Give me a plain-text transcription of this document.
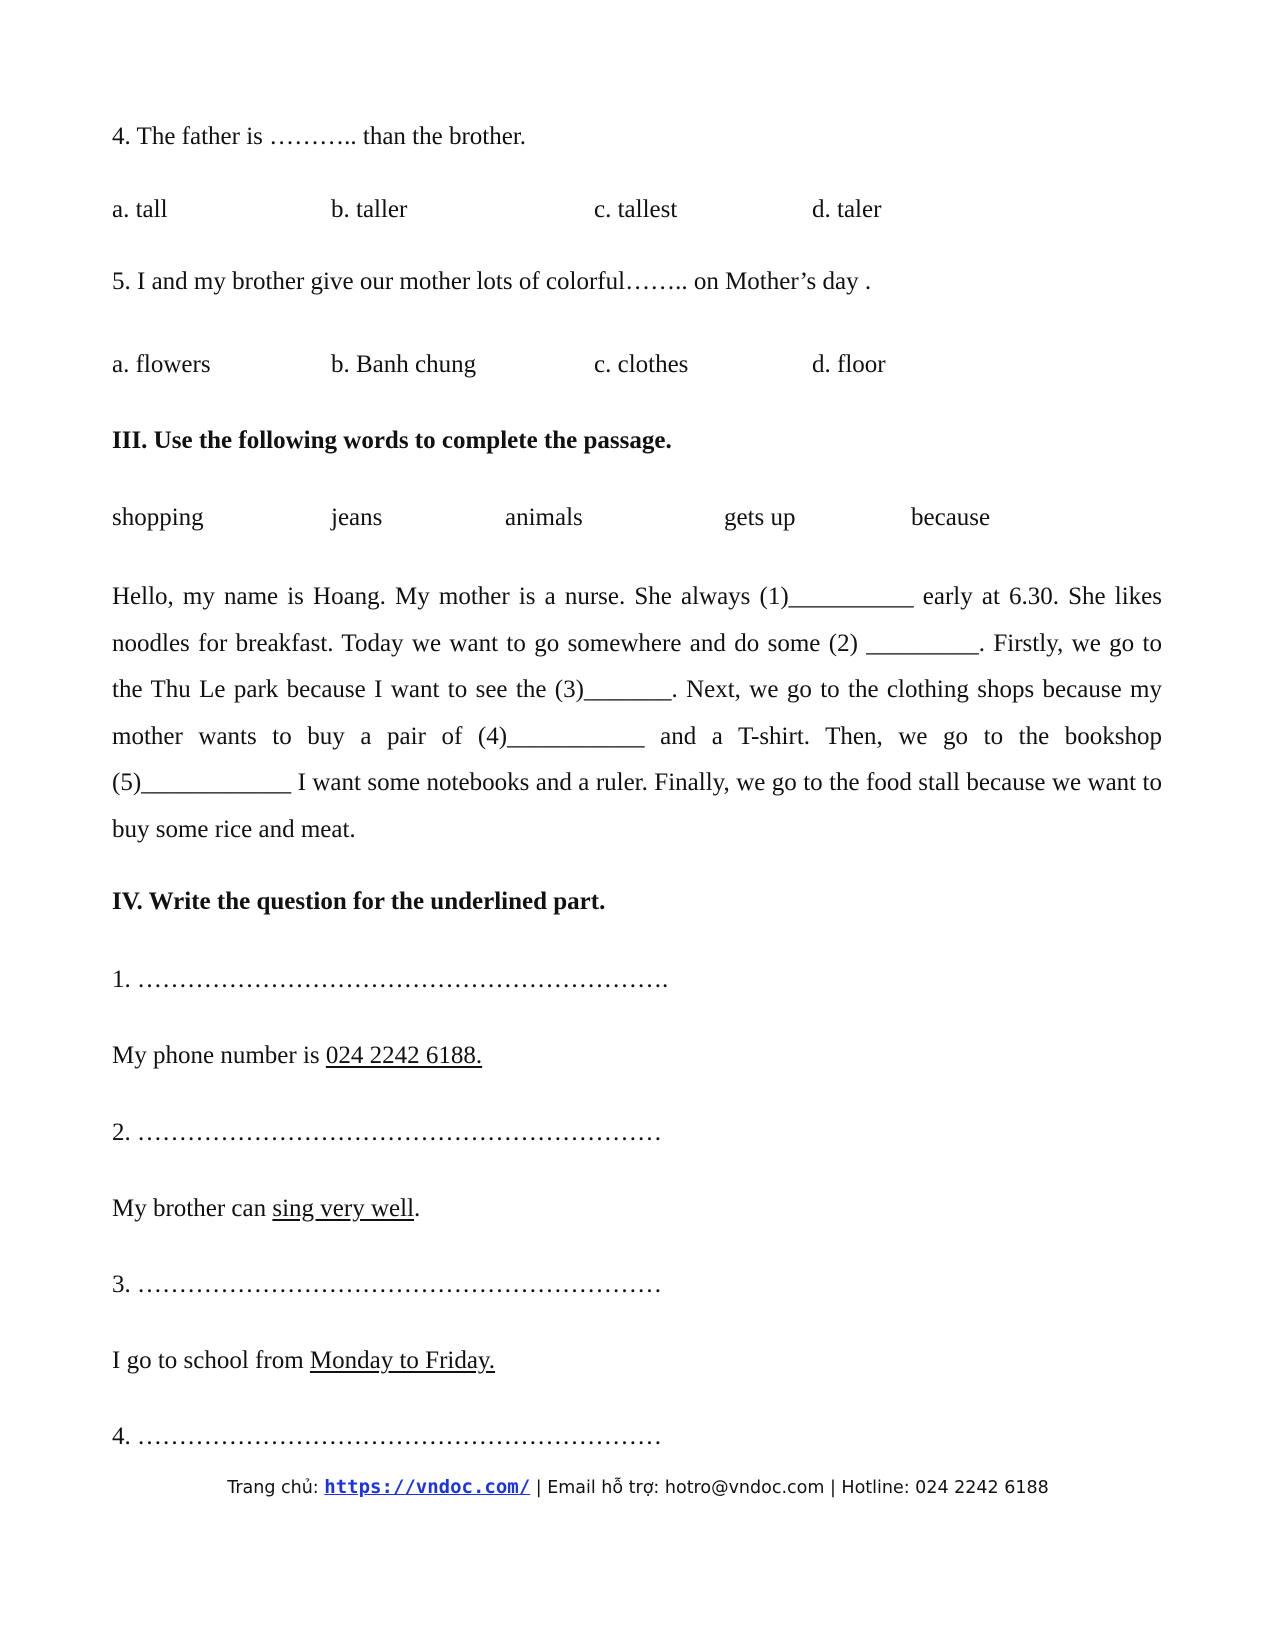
4. The father is ……….. than the brother.
a. tall	b. taller	c. tallest	d. taler
5. I and my brother give our mother lots of colorful…….. on Mother’s day .
a. flowers	b. Banh chung	c. clothes	d. floor
III. Use the following words to complete the passage.
shopping	jeans	animals	gets up	because
Hello, my name is Hoang. My mother is a nurse. She always (1)__________ early at 6.30. She likes noodles for breakfast. Today we want to go somewhere and do some (2) _________. Firstly, we go to the Thu Le park because I want to see the (3)_______. Next, we go to the clothing shops because my mother wants to buy a pair of (4)___________ and a T-shirt. Then, we go to the bookshop (5)____________ I want some notebooks and a ruler. Finally, we go to the food stall because we want to buy some rice and meat.
IV. Write the question for the underlined part.
1. ……………………………………………………….
My phone number is 024 2242 6188.
2. ………………………………………………………
My brother can sing very well.
3. ………………………………………………………
I go to school from Monday to Friday.
4. ………………………………………………………
Trang chủ: https://vndoc.com/ | Email hỗ trợ: hotro@vndoc.com | Hotline: 024 2242 6188
